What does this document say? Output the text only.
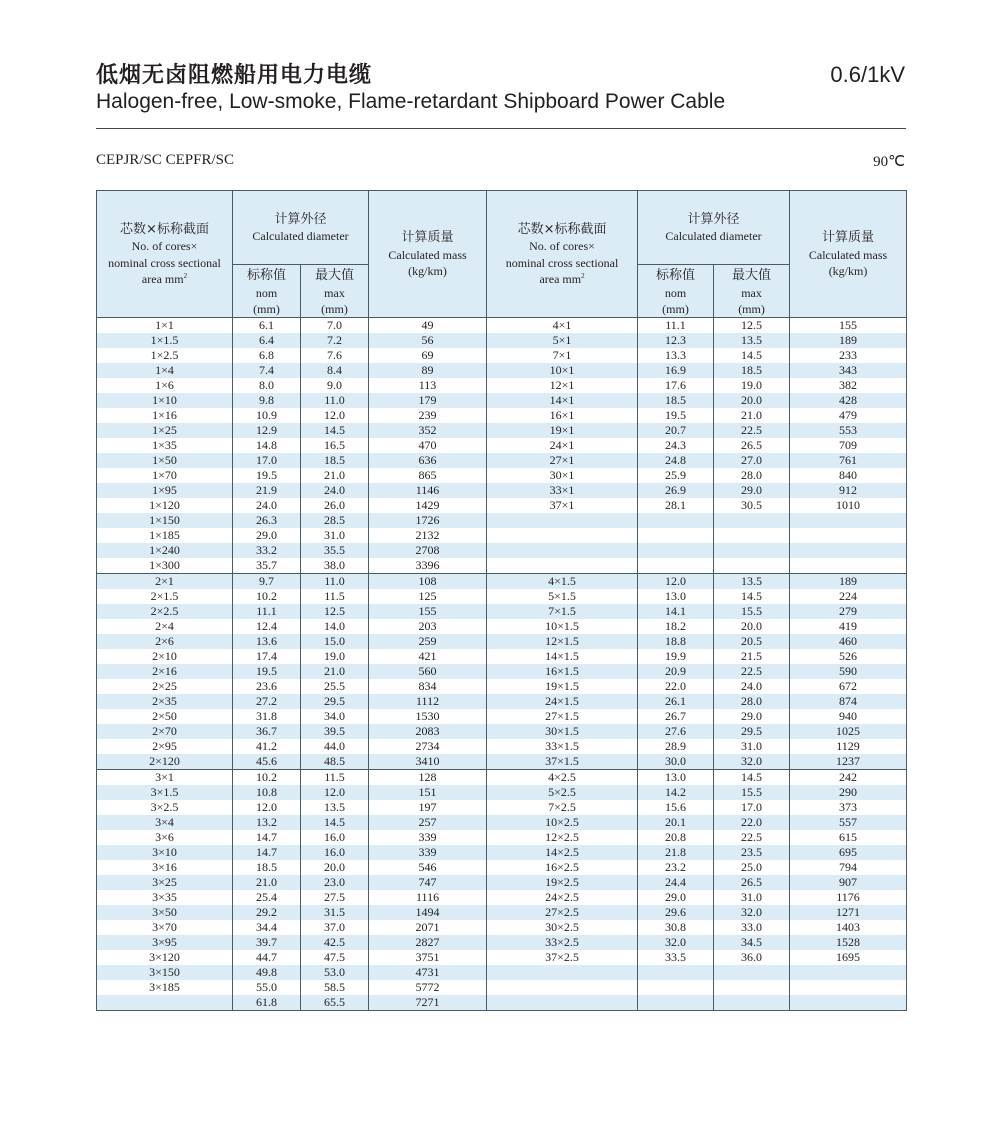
低烟无卤阻燃船用电力电缆
Halogen-free, Low-smoke, Flame-retardant Shipboard Power Cable
0.6/1kV
CEPJR/SC CEPFR/SC	90℃
芯数×标称截面
No. of cores×
nominal cross sectional
area $mm^2$	计算外径
Calculated diameter		计算质量
Calculated mass
(kg/km)	芯数×标称截面
No. of cores×
nominal cross sectional
area $mm^2$	计算外径
Calculated diameter		计算质量
Calculated mass
(kg/km)

	标称值
nom
(mm)	最大值
max
(mm)			标称值
nom
(mm)	最大值
max
(mm)	

1×1	6.1	7.0	49	4×1	11.1	12.5	155
1×1.5	6.4	7.2	56	5×1	12.3	13.5	189
1×2.5	6.8	7.6	69	7×1	13.3	14.5	233
1×4	7.4	8.4	89	10×1	16.9	18.5	343
1×6	8.0	9.0	113	12×1	17.6	19.0	382
1×10	9.8	11.0	179	14×1	18.5	20.0	428
1×16	10.9	12.0	239	16×1	19.5	21.0	479
1×25	12.9	14.5	352	19×1	20.7	22.5	553
1×35	14.8	16.5	470	24×1	24.3	26.5	709
1×50	17.0	18.5	636	27×1	24.8	27.0	761
1×70	19.5	21.0	865	30×1	25.9	28.0	840
1×95	21.9	24.0	1146	33×1	26.9	29.0	912
1×120	24.0	26.0	1429	37×1	28.1	30.5	1010
1×150	26.3	28.5	1726				
1×185	29.0	31.0	2132				
1×240	33.2	35.5	2708				
1×300	35.7	38.0	3396				
2×1	9.7	11.0	108	4×1.5	12.0	13.5	189
2×1.5	10.2	11.5	125	5×1.5	13.0	14.5	224
2×2.5	11.1	12.5	155	7×1.5	14.1	15.5	279
2×4	12.4	14.0	203	10×1.5	18.2	20.0	419
2×6	13.6	15.0	259	12×1.5	18.8	20.5	460
2×10	17.4	19.0	421	14×1.5	19.9	21.5	526
2×16	19.5	21.0	560	16×1.5	20.9	22.5	590
2×25	23.6	25.5	834	19×1.5	22.0	24.0	672
2×35	27.2	29.5	1112	24×1.5	26.1	28.0	874
2×50	31.8	34.0	1530	27×1.5	26.7	29.0	940
2×70	36.7	39.5	2083	30×1.5	27.6	29.5	1025
2×95	41.2	44.0	2734	33×1.5	28.9	31.0	1129
2×120	45.6	48.5	3410	37×1.5	30.0	32.0	1237
3×1	10.2	11.5	128	4×2.5	13.0	14.5	242
3×1.5	10.8	12.0	151	5×2.5	14.2	15.5	290
3×2.5	12.0	13.5	197	7×2.5	15.6	17.0	373
3×4	13.2	14.5	257	10×2.5	20.1	22.0	557
3×6	14.7	16.0	339	12×2.5	20.8	22.5	615
3×10	14.7	16.0	339	14×2.5	21.8	23.5	695
3×16	18.5	20.0	546	16×2.5	23.2	25.0	794
3×25	21.0	23.0	747	19×2.5	24.4	26.5	907
3×35	25.4	27.5	1116	24×2.5	29.0	31.0	1176
3×50	29.2	31.5	1494	27×2.5	29.6	32.0	1271
3×70	34.4	37.0	2071	30×2.5	30.8	33.0	1403
3×95	39.7	42.5	2827	33×2.5	32.0	34.5	1528
3×120	44.7	47.5	3751	37×2.5	33.5	36.0	1695
3×150	49.8	53.0	4731				
3×185	55.0	58.5	5772				
	61.8	65.5	7271				
